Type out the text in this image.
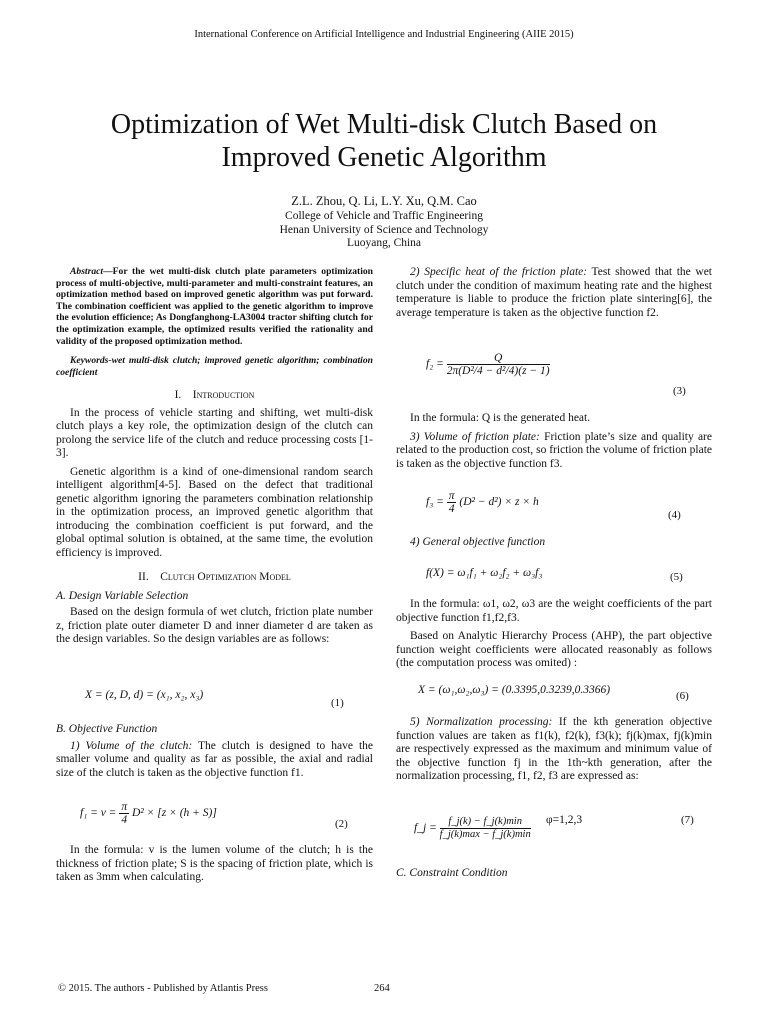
International Conference on Artificial Intelligence and Industrial Engineering (AIIE 2015)
Optimization of Wet Multi-disk Clutch Based on
Improved Genetic Algorithm
Z.L. Zhou, Q. Li, L.Y. Xu, Q.M. Cao
College of Vehicle and Traffic Engineering
Henan University of Science and Technology
Luoyang, China

Abstract—For the wet multi-disk clutch plate parameters optimization process of multi-objective, multi-parameter and multi-constraint features, an optimization method based on improved genetic algorithm was put forward. The combination coefficient was applied to the genetic algorithm to improve the evolution efficience; As Dongfanghong-LA3004 tractor shifting clutch for the optimization example, the optimized results verified the rationality and validity of the proposed optimization method.

Keywords-wet multi-disk clutch; improved genetic algorithm; combination coefficient

I. Introduction

In the process of vehicle starting and shifting, wet multi-disk clutch plays a key role, the optimization design of the clutch can prolong the service life of the clutch and reduce processing costs [1-3].

Genetic algorithm is a kind of one-dimensional random search intelligent algorithm[4-5]. Based on the defect that traditional genetic algorithm ignoring the parameters combination relationship in the optimization process, an improved genetic algorithm that introducing the combination coefficient is put forward, and the global optimal solution is obtained, at the same time, the evolution efficiency is improved.

II. Clutch Optimization Model

A. Design Variable Selection

Based on the design formula of wet clutch, friction plate number z, friction plate outer diameter D and inner diameter d are taken as the design variables. So the design variables are as follows:

X = (z, D, d) = (x₁, x₂, x₃)
(1)

B. Objective Function

1) Volume of the clutch: The clutch is designed to have the smaller volume and quality as far as possible, the axial and radial size of the clutch is taken as the objective function f1.

$f_1 = v = \frac{\pi}{4} D^2 \times [z \times (h + S)]$
(2)

In the formula: v is the lumen volume of the clutch; h is the thickness of friction plate; S is the spacing of friction plate, which is taken as 3mm when calculating.

2) Specific heat of the friction plate: Test showed that the wet clutch under the condition of maximum heating rate and the highest temperature is liable to produce the friction plate sintering[6], the average temperature is taken as the objective function f2.

$f_2 = \frac{Q}{\text{2π(D²/4 − d²/4)(z − 1)}}$
(3)

In the formula: Q is the generated heat.

3) Volume of friction plate: Friction plate’s size and quality are related to the production cost, so friction the volume of friction plate is taken as the objective function f3.

$f_3 = \frac{\pi}{4} (D^2 - d^2) \times z \times h$
(4)

4) General objective function

f(X) = ω₁f₁ + ω₂f₂ + ω₃f₃	(5)

In the formula: ω1, ω2, ω3 are the weight coefficients of the part objective function f1,f2,f3.

Based on Analytic Hierarchy Process (AHP), the part objective function weight coefficients were allocated reasonably as follows (the computation process was omited) :

X = (ω₁,ω₂,ω₃) = (0.3395,0.3239,0.3366)	(6)

5) Normalization processing: If the kth generation objective function values are taken as f1(k), f2(k), f3(k); fj(k)max, fj(k)min are respectively expressed as the maximum and minimum value of the objective function fj in the 1th~kth generation, after the normalization processing, f1, f2, f3 are expressed as:

f_j = $\frac{f\_j(k) - f\_j(k)\min}{f\_j(k)\max - f\_j(k)\min} \varphi=1,2,3$	(7)

C. Constraint Condition

© 2015. The authors - Published by Atlantis Press	264
